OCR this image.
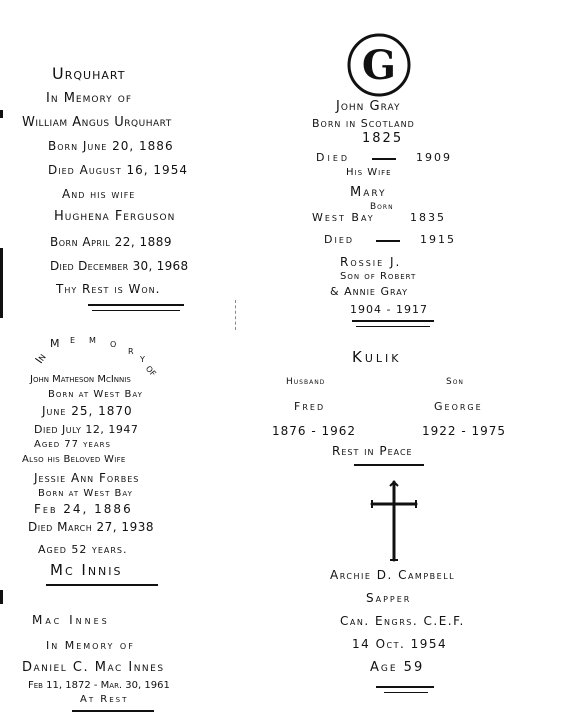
Urquhart
In Memory of
William Angus Urquhart
Born June 20, 1886
Died August 16, 1954
And his wife
Hughena Ferguson
Born April 22, 1889
Died December 30, 1968
Thy Rest is Won.
G
John Gray
Born in Scotland
1825
Died	1909
His Wife
Mary
Born
West Bay	1835
Died	1915
Rossie J.
Son of Robert
& Annie Gray
1904 - 1917
In
M e m o
r
y
of
John Matheson McInnis
Born at West Bay
June 25, 1870
Died July 12, 1947
Aged 77 years
Also his Beloved Wife
Jessie Ann Forbes
Born at West Bay
Feb 24, 1886
Died March 27, 1938
Aged 52 years.
Mc Innis
Kulik
Husband	Son
Fred	George
1876 - 1962	1922 - 1975
Rest in Peace
Archie D. Campbell
Sapper
Can. Engrs. C.E.F.
14 Oct. 1954
Age 59
Mac Innes
In Memory of
Daniel C. Mac Innes
Feb 11, 1872 - Mar. 30, 1961
At Rest
